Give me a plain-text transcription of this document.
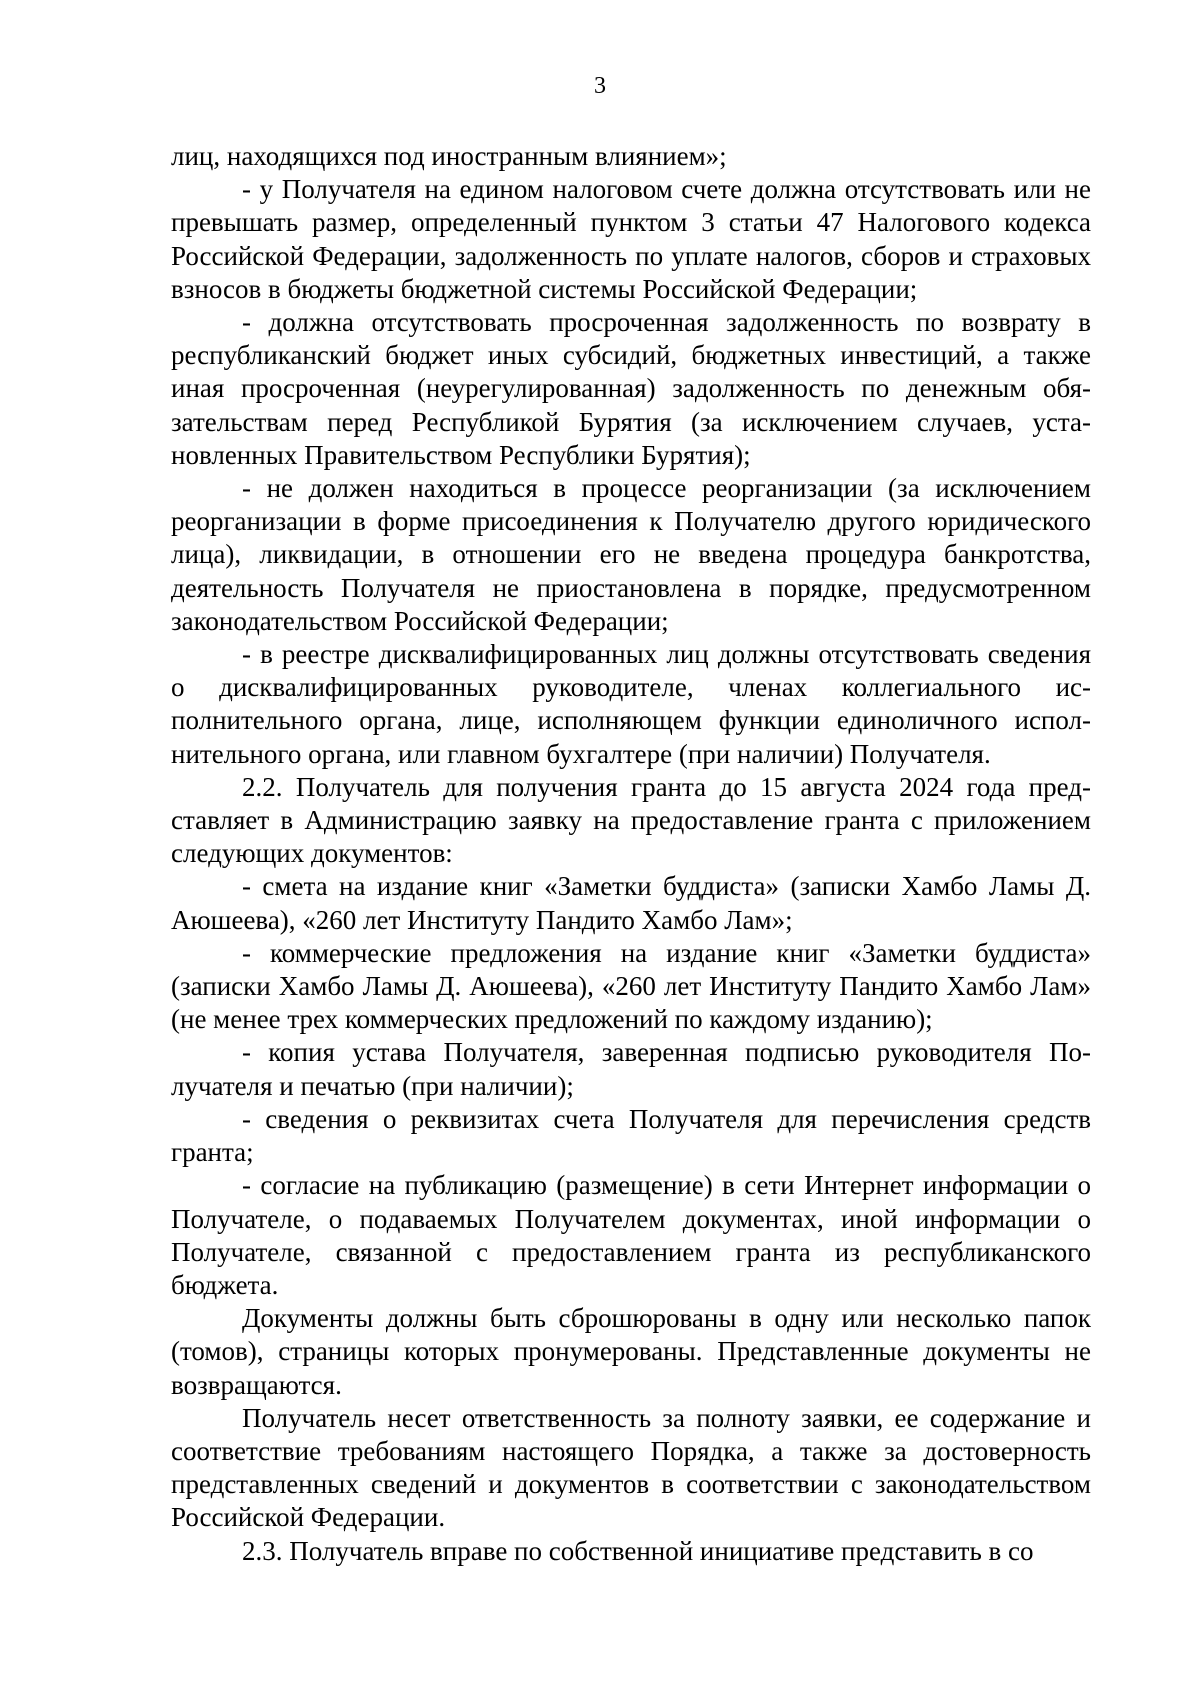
3

лиц, находящихся под иностранным влиянием»;

- у Получателя на едином налоговом счете должна отсутствовать или не превышать размер, определенный пунктом 3 статьи 47 Налогового кодекса Российской Федерации, задолженность по уплате налогов, сборов и страховых взносов в бюджеты бюджетной системы Российской Федерации;

- должна отсутствовать просроченная задолженность по возврату в республиканский бюджет иных субсидий, бюджетных инвестиций, а также иная просроченная (неурегулированная) задолженность по денежным обязательствам перед Республикой Бурятия (за исключением случаев, установленных Правительством Республики Бурятия);

- не должен находиться в процессе реорганизации (за исключением реорганизации в форме присоединения к Получателю другого юридического лица), ликвидации, в отношении его не введена процедура банкротства, деятельность Получателя не приостановлена в порядке, предусмотренном законодательством Российской Федерации;

- в реестре дисквалифицированных лиц должны отсутствовать сведения о дисквалифицированных руководителе, членах коллегиального исполнительного органа, лице, исполняющем функции единоличного исполнительного органа, или главном бухгалтере (при наличии) Получателя.

2.2. Получатель для получения гранта до 15 августа 2024 года представляет в Администрацию заявку на предоставление гранта с приложением следующих документов:

- смета на издание книг «Заметки буддиста» (записки Хамбо Ламы Д. Аюшеева), «260 лет Институту Пандито Хамбо Лам»;

- коммерческие предложения на издание книг «Заметки буддиста» (записки Хамбо Ламы Д. Аюшеева), «260 лет Институту Пандито Хамбо Лам» (не менее трех коммерческих предложений по каждому изданию);

- копия устава Получателя, заверенная подписью руководителя Получателя и печатью (при наличии);

- сведения о реквизитах счета Получателя для перечисления средств гранта;

- согласие на публикацию (размещение) в сети Интернет информации о Получателе, о подаваемых Получателем документах, иной информации о Получателе, связанной с предоставлением гранта из республиканского бюджета.

Документы должны быть сброшюрованы в одну или несколько папок (томов), страницы которых пронумерованы. Представленные документы не возвращаются.

Получатель несет ответственность за полноту заявки, ее содержание и соответствие требованиям настоящего Порядка, а также за достоверность представленных сведений и документов в соответствии с законодательством Российской Федерации.

2.3. Получатель вправе по собственной инициативе представить в со
